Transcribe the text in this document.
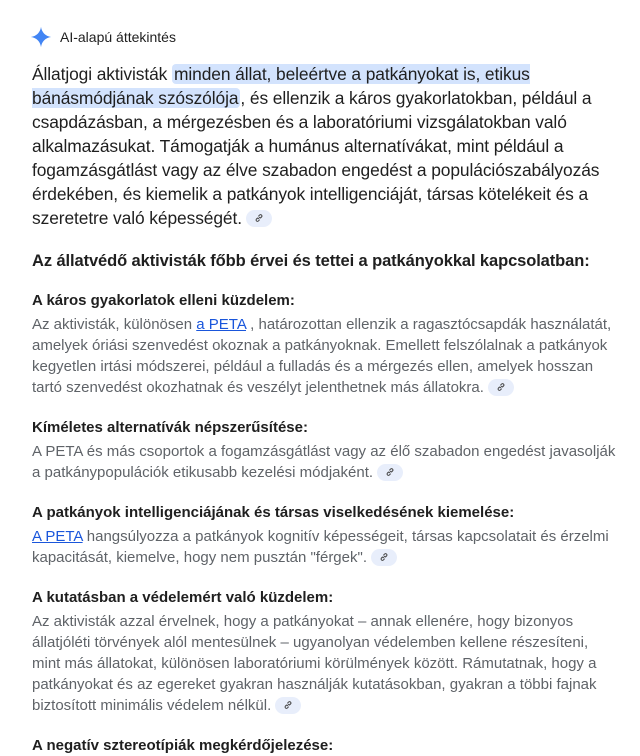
AI-alapú áttekintés
Állatjogi aktivisták minden állat, beleértve a patkányokat is, etikus bánásmódjának szószólója , és ellenzik a káros gyakorlatokban, például a csapdázásban, a mérgezésben és a laboratóriumi vizsgálatokban való alkalmazásukat. Támogatják a humánus alternatívákat, mint például a fogamzásgátlást vagy az élve szabadon engedést a populációszabályozás érdekében, és kiemelik a patkányok intelligenciáját, társas kötelékeit és a szeretetre való képességét.
Az állatvédő aktivisták főbb érvei és tettei a patkányokkal kapcsolatban:
A káros gyakorlatok elleni küzdelem:
Az aktivisták, különösen a PETA , határozottan ellenzik a ragasztócsapdák használatát, amelyek óriási szenvedést okoznak a patkányoknak. Emellett felszólalnak a patkányok kegyetlen irtási módszerei, például a fulladás és a mérgezés ellen, amelyek hosszan tartó szenvedést okozhatnak és veszélyt jelenthetnek más állatokra.
Kíméletes alternatívák népszerűsítése:
A PETA és más csoportok a fogamzásgátlást vagy az élő szabadon engedést javasolják a patkánypopulációk etikusabb kezelési módjaként.
A patkányok intelligenciájának és társas viselkedésének kiemelése:
A PETA hangsúlyozza a patkányok kognitív képességeit, társas kapcsolatait és érzelmi kapacitását, kiemelve, hogy nem pusztán "férgek".
A kutatásban a védelemért való küzdelem:
Az aktivisták azzal érvelnek, hogy a patkányokat – annak ellenére, hogy bizonyos állatjóléti törvények alól mentesülnek – ugyanolyan védelemben kellene részesíteni, mint más állatokat, különösen laboratóriumi körülmények között. Rámutatnak, hogy a patkányokat és az egereket gyakran használják kutatásokban, gyakran a többi fajnak biztosított minimális védelem nélkül.
A negatív sztereotípiák megkérdőjelezése:
